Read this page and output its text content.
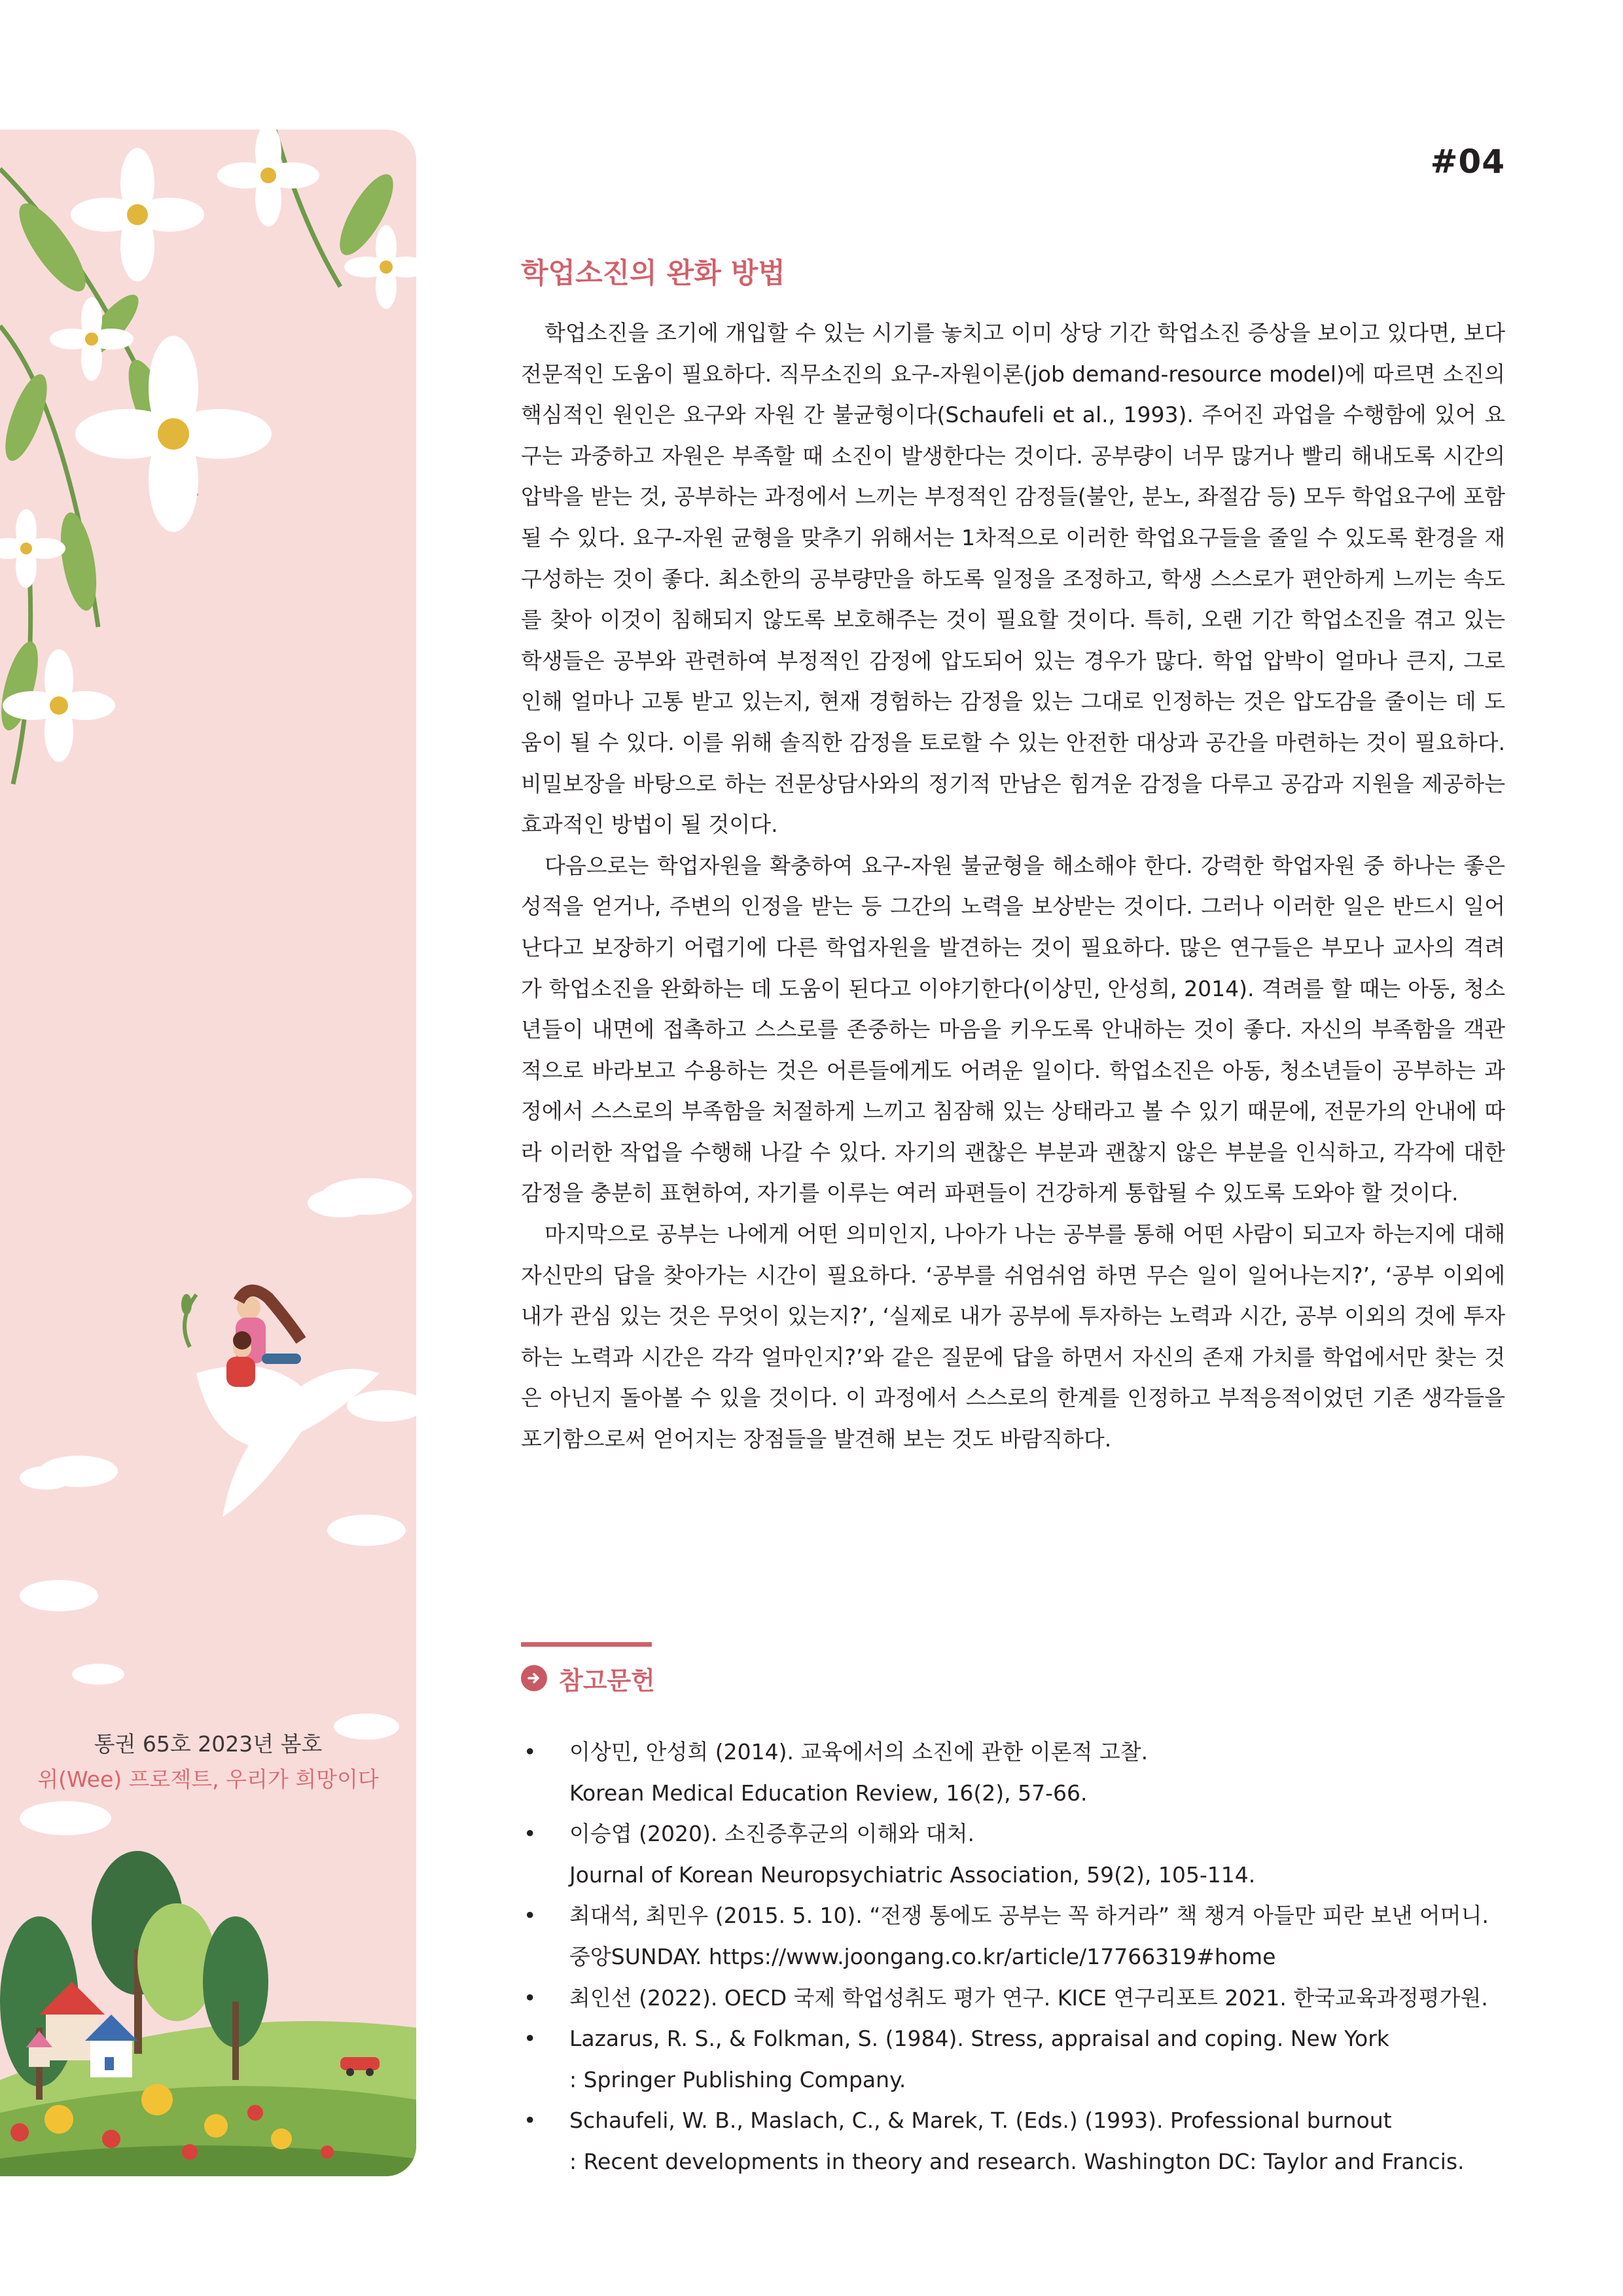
통권 65호 2023년 봄호
위(Wee) 프로젝트, 우리가 희망이다
#04
학업소진의 완화 방법

학업소진을 조기에 개입할 수 있는 시기를 놓치고 이미 상당 기간 학업소진 증상을 보이고 있다면, 보다 전문적인 도움이 필요하다. 직무소진의 요구-자원이론(job demand-resource model)에 따르면 소진의 핵심적인 원인은 요구와 자원 간 불균형이다(Schaufeli et al., 1993). 주어진 과업을 수행함에 있어 요구는 과중하고 자원은 부족할 때 소진이 발생한다는 것이다. 공부량이 너무 많거나 빨리 해내도록 시간의 압박을 받는 것, 공부하는 과정에서 느끼는 부정적인 감정들(불안, 분노, 좌절감 등) 모두 학업요구에 포함될 수 있다. 요구-자원 균형을 맞추기 위해서는 1차적으로 이러한 학업요구들을 줄일 수 있도록 환경을 재구성하는 것이 좋다. 최소한의 공부량만을 하도록 일정을 조정하고, 학생 스스로가 편안하게 느끼는 속도를 찾아 이것이 침해되지 않도록 보호해주는 것이 필요할 것이다. 특히, 오랜 기간 학업소진을 겪고 있는 학생들은 공부와 관련하여 부정적인 감정에 압도되어 있는 경우가 많다. 학업 압박이 얼마나 큰지, 그로 인해 얼마나 고통 받고 있는지, 현재 경험하는 감정을 있는 그대로 인정하는 것은 압도감을 줄이는 데 도움이 될 수 있다. 이를 위해 솔직한 감정을 토로할 수 있는 안전한 대상과 공간을 마련하는 것이 필요하다. 비밀보장을 바탕으로 하는 전문상담사와의 정기적 만남은 힘겨운 감정을 다루고 공감과 지원을 제공하는 효과적인 방법이 될 것이다.

다음으로는 학업자원을 확충하여 요구-자원 불균형을 해소해야 한다. 강력한 학업자원 중 하나는 좋은 성적을 얻거나, 주변의 인정을 받는 등 그간의 노력을 보상받는 것이다. 그러나 이러한 일은 반드시 일어난다고 보장하기 어렵기에 다른 학업자원을 발견하는 것이 필요하다. 많은 연구들은 부모나 교사의 격려가 학업소진을 완화하는 데 도움이 된다고 이야기한다(이상민, 안성희, 2014). 격려를 할 때는 아동, 청소년들이 내면에 접촉하고 스스로를 존중하는 마음을 키우도록 안내하는 것이 좋다. 자신의 부족함을 객관적으로 바라보고 수용하는 것은 어른들에게도 어려운 일이다. 학업소진은 아동, 청소년들이 공부하는 과정에서 스스로의 부족함을 처절하게 느끼고 침잠해 있는 상태라고 볼 수 있기 때문에, 전문가의 안내에 따라 이러한 작업을 수행해 나갈 수 있다. 자기의 괜찮은 부분과 괜찮지 않은 부분을 인식하고, 각각에 대한 감정을 충분히 표현하여, 자기를 이루는 여러 파편들이 건강하게 통합될 수 있도록 도와야 할 것이다.

마지막으로 공부는 나에게 어떤 의미인지, 나아가 나는 공부를 통해 어떤 사람이 되고자 하는지에 대해 자신만의 답을 찾아가는 시간이 필요하다. ‘공부를 쉬엄쉬엄 하면 무슨 일이 일어나는지?’, ‘공부 이외에 내가 관심 있는 것은 무엇이 있는지?’, ‘실제로 내가 공부에 투자하는 노력과 시간, 공부 이외의 것에 투자하는 노력과 시간은 각각 얼마인지?’와 같은 질문에 답을 하면서 자신의 존재 가치를 학업에서만 찾는 것은 아닌지 돌아볼 수 있을 것이다. 이 과정에서 스스로의 한계를 인정하고 부적응적이었던 기존 생각들을 포기함으로써 얻어지는 장점들을 발견해 보는 것도 바람직하다.

참고문헌
• 이상민, 안성희 (2014). 교육에서의 소진에 관한 이론적 고찰.
Korean Medical Education Review, 16(2), 57-66.
• 이승엽 (2020). 소진증후군의 이해와 대처.
Journal of Korean Neuropsychiatric Association, 59(2), 105-114.
• 최대석, 최민우 (2015. 5. 10). “전쟁 통에도 공부는 꼭 하거라” 책 챙겨 아들만 피란 보낸 어머니.
중앙SUNDAY. https://www.joongang.co.kr/article/17766319#home
• 최인선 (2022). OECD 국제 학업성취도 평가 연구. KICE 연구리포트 2021. 한국교육과정평가원.
• Lazarus, R. S., & Folkman, S. (1984). Stress, appraisal and coping. New York
: Springer Publishing Company.
• Schaufeli, W. B., Maslach, C., & Marek, T. (Eds.) (1993). Professional burnout
: Recent developments in theory and research. Washington DC: Taylor and Francis.
